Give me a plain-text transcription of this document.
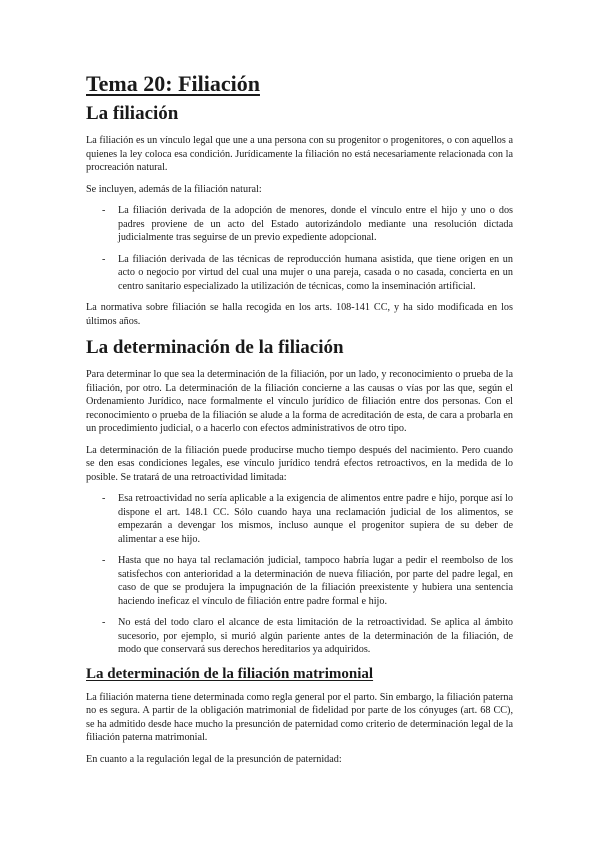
Tema 20: Filiación
La filiación

La filiación es un vínculo legal que une a una persona con su progenitor o progenitores, o con aquellos a quienes la ley coloca esa condición. Jurídicamente la filiación no está necesariamente relacionada con la procreación natural.

Se incluyen, además de la filiación natural:

- La filiación derivada de la adopción de menores, donde el vínculo entre el hijo y uno o dos padres proviene de un acto del Estado autorizándolo mediante una resolución dictada judicialmente tras seguirse de un previo expediente adopcional.
- La filiación derivada de las técnicas de reproducción humana asistida, que tiene origen en un acto o negocio por virtud del cual una mujer o una pareja, casada o no casada, concierta en un centro sanitario especializado la utilización de técnicas, como la inseminación artificial.

La normativa sobre filiación se halla recogida en los arts. 108-141 CC, y ha sido modificada en los últimos años.

La determinación de la filiación

Para determinar lo que sea la determinación de la filiación, por un lado, y reconocimiento o prueba de la filiación, por otro. La determinación de la filiación concierne a las causas o vías por las que, según el Ordenamiento Jurídico, nace formalmente el vínculo jurídico de filiación entre dos personas. Con el reconocimiento o prueba de la filiación se alude a la forma de acreditación de esta, de cara a probarla en un procedimiento judicial, o a hacerlo con efectos administrativos de otro tipo.

La determinación de la filiación puede producirse mucho tiempo después del nacimiento. Pero cuando se den esas condiciones legales, ese vínculo jurídico tendrá efectos retroactivos, en la medida de lo posible. Se tratará de una retroactividad limitada:

- Esa retroactividad no sería aplicable a la exigencia de alimentos entre padre e hijo, porque así lo dispone el art. 148.1 CC. Sólo cuando haya una reclamación judicial de los alimentos, se empezarán a devengar los mismos, incluso aunque el progenitor supiera de su deber de alimentar a ese hijo.
- Hasta que no haya tal reclamación judicial, tampoco habría lugar a pedir el reembolso de los satisfechos con anterioridad a la determinación de nueva filiación, por parte del padre legal, en caso de que se produjera la impugnación de la filiación preexistente y hubiera una sentencia haciendo ineficaz el vínculo de filiación entre padre formal e hijo.
- No está del todo claro el alcance de esta limitación de la retroactividad. Se aplica al ámbito sucesorio, por ejemplo, si murió algún pariente antes de la determinación de la filiación, de modo que conservará sus derechos hereditarios ya adquiridos.
La determinación de la filiación matrimonial

La filiación materna tiene determinada como regla general por el parto. Sin embargo, la filiación paterna no es segura. A partir de la obligación matrimonial de fidelidad por parte de los cónyuges (art. 68 CC), se ha admitido desde hace mucho la presunción de paternidad como criterio de determinación legal de la filiación paterna matrimonial.

En cuanto a la regulación legal de la presunción de paternidad:
